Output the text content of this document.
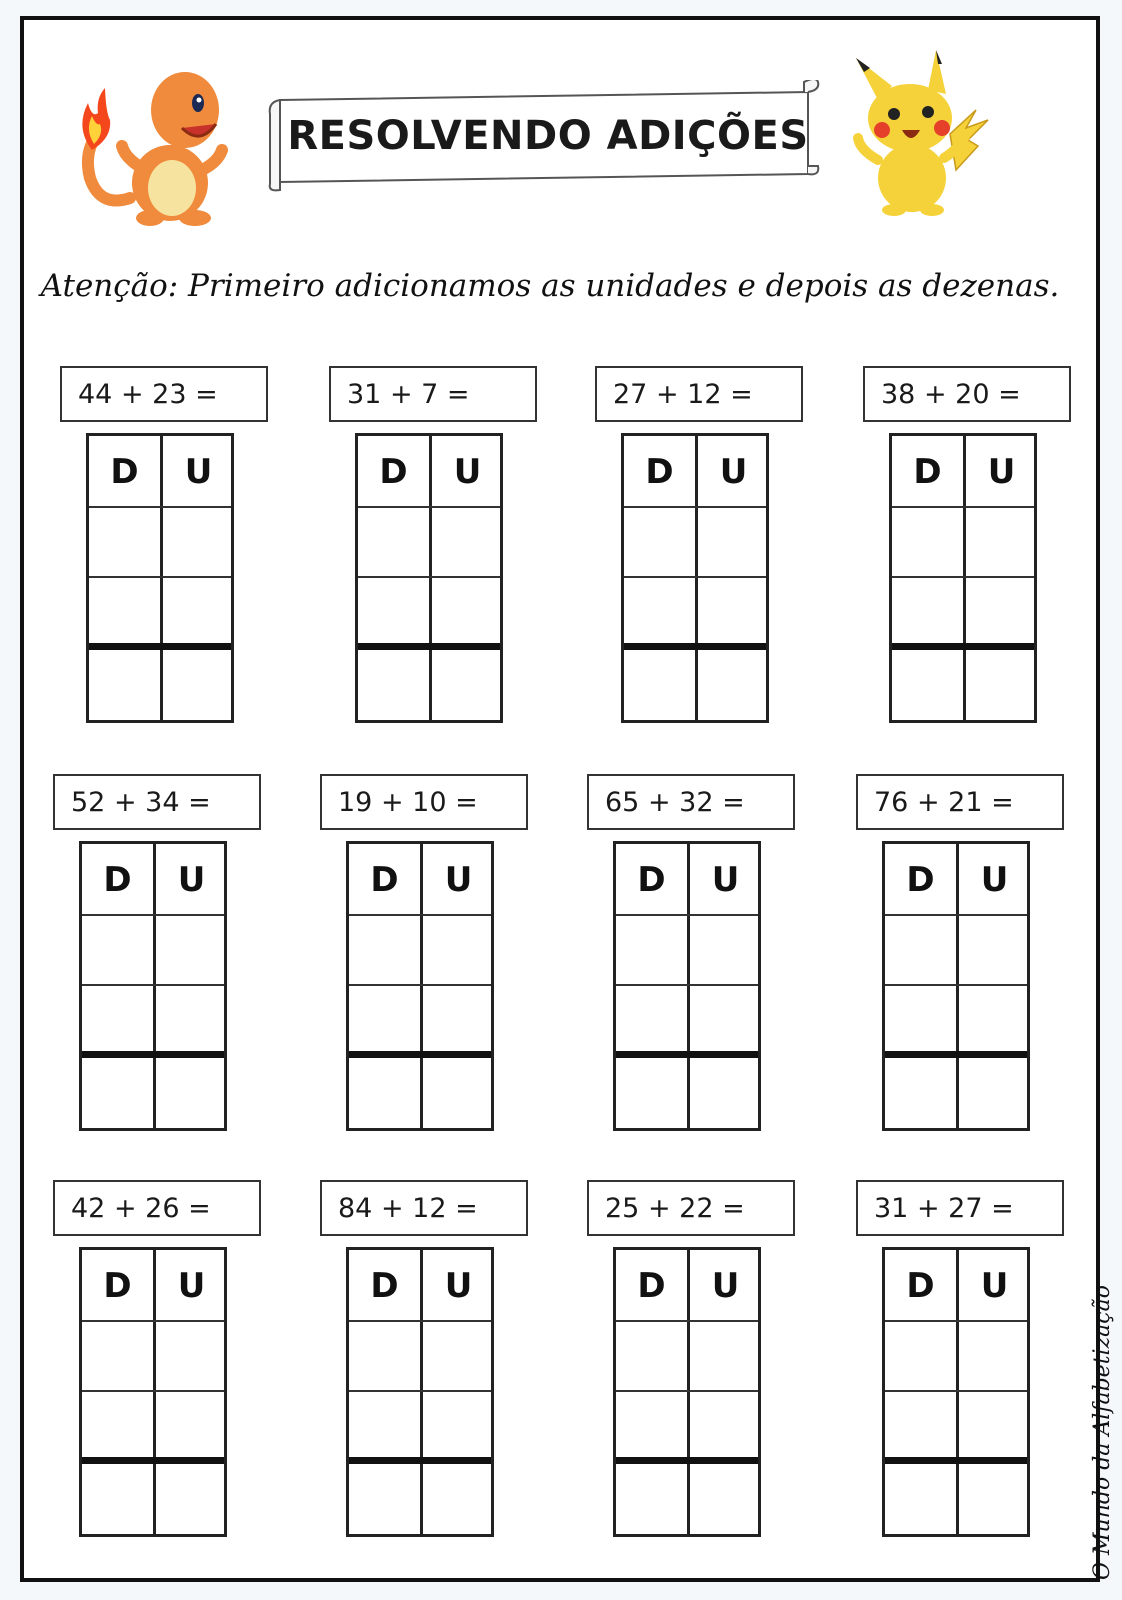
RESOLVENDO ADIÇÕES
Atenção: Primeiro adicionamos as unidades e depois as dezenas.
44 + 23 =
D	U
31 + 7 =
D	U
27 + 12 =
D	U
38 + 20 =
D	U
52 + 34 =
D	U
19 + 10 =
D	U
65 + 32 =
D	U
76 + 21 =
D	U
42 + 26 =
D	U
84 + 12 =
D	U
25 + 22 =
D	U
31 + 27 =
D	U	O Mundo da Alfabetização
